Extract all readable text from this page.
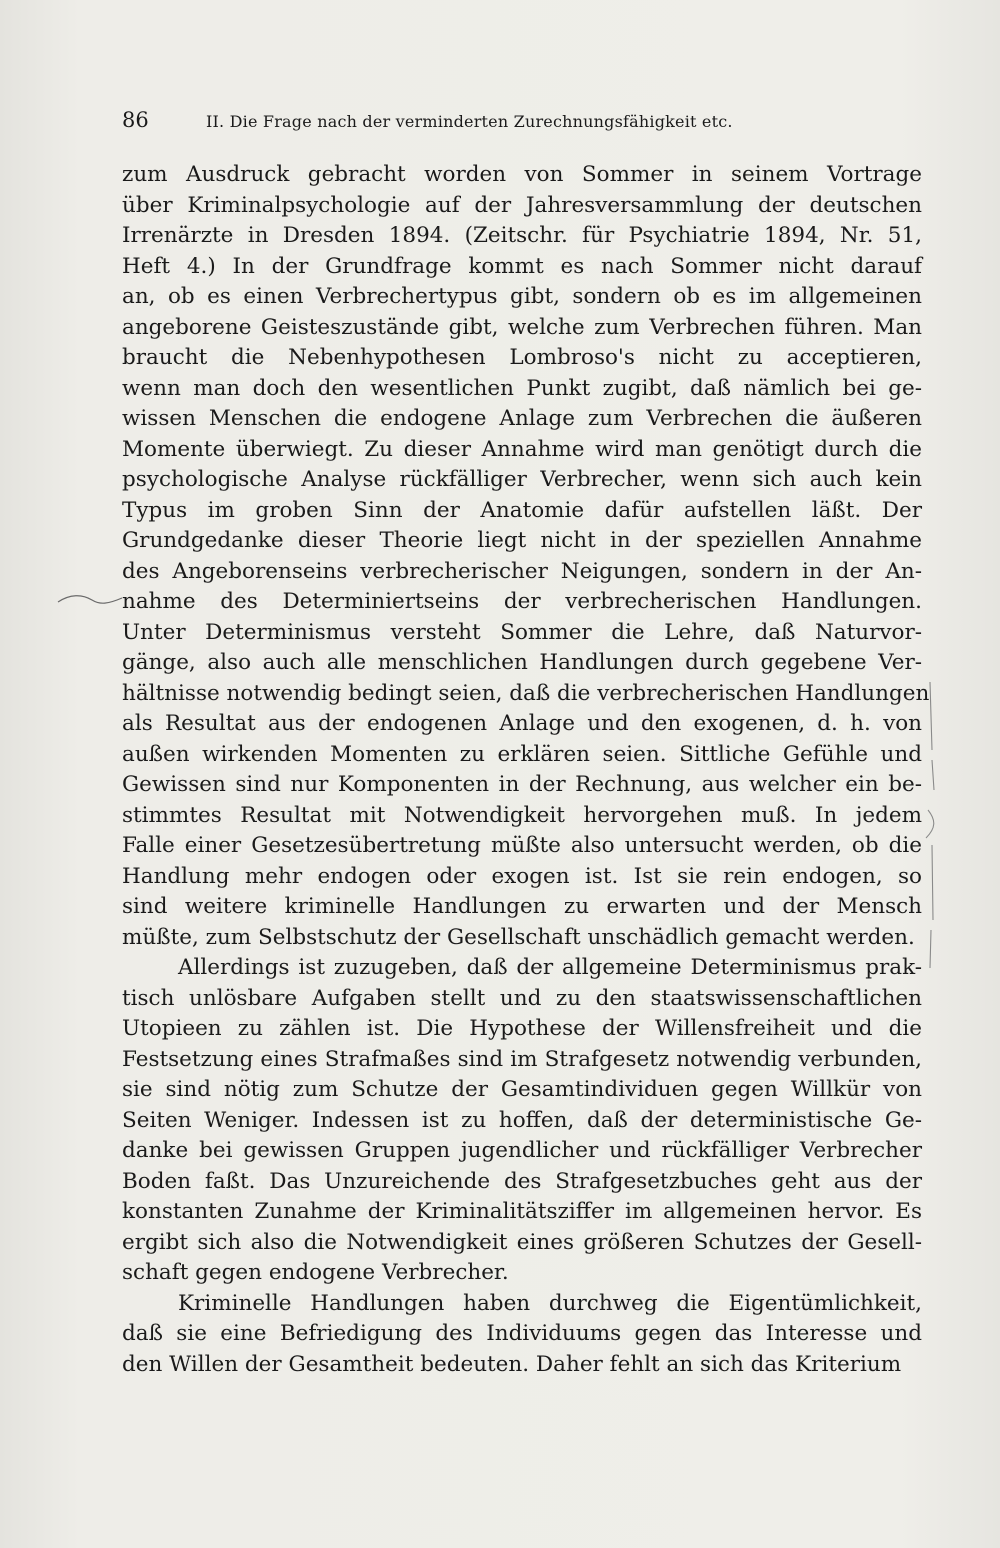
86	II. Die Frage nach der verminderten Zurechnungsfähigkeit etc.
zum Ausdruck gebracht worden von Sommer in seinem Vortrage
über Kriminalpsychologie auf der Jahresversammlung der deutschen
Irrenärzte in Dresden 1894. (Zeitschr. für Psychiatrie 1894, Nr. 51,
Heft 4.) In der Grundfrage kommt es nach Sommer nicht darauf
an, ob es einen Verbrechertypus gibt, sondern ob es im allgemeinen
angeborene Geisteszustände gibt, welche zum Verbrechen führen. Man
braucht die Nebenhypothesen Lombroso's nicht zu acceptieren,
wenn man doch den wesentlichen Punkt zugibt, daß nämlich bei ge-
wissen Menschen die endogene Anlage zum Verbrechen die äußeren
Momente überwiegt. Zu dieser Annahme wird man genötigt durch die
psychologische Analyse rückfälliger Verbrecher, wenn sich auch kein
Typus im groben Sinn der Anatomie dafür aufstellen läßt. Der
Grundgedanke dieser Theorie liegt nicht in der speziellen Annahme
des Angeborenseins verbrecherischer Neigungen, sondern in der An-
nahme des Determiniertseins der verbrecherischen Handlungen.
Unter Determinismus versteht Sommer die Lehre, daß Naturvor-
gänge, also auch alle menschlichen Handlungen durch gegebene Ver-
hältnisse notwendig bedingt seien, daß die verbrecherischen Handlungen
als Resultat aus der endogenen Anlage und den exogenen, d. h. von
außen wirkenden Momenten zu erklären seien. Sittliche Gefühle und
Gewissen sind nur Komponenten in der Rechnung, aus welcher ein be-
stimmtes Resultat mit Notwendigkeit hervorgehen muß. In jedem
Falle einer Gesetzesübertretung müßte also untersucht werden, ob die
Handlung mehr endogen oder exogen ist. Ist sie rein endogen, so
sind weitere kriminelle Handlungen zu erwarten und der Mensch
müßte, zum Selbstschutz der Gesellschaft unschädlich gemacht werden.
Allerdings ist zuzugeben, daß der allgemeine Determinismus prak-
tisch unlösbare Aufgaben stellt und zu den staatswissenschaftlichen
Utopieen zu zählen ist. Die Hypothese der Willensfreiheit und die
Festsetzung eines Strafmaßes sind im Strafgesetz notwendig verbunden,
sie sind nötig zum Schutze der Gesamtindividuen gegen Willkür von
Seiten Weniger. Indessen ist zu hoffen, daß der deterministische Ge-
danke bei gewissen Gruppen jugendlicher und rückfälliger Verbrecher
Boden faßt. Das Unzureichende des Strafgesetzbuches geht aus der
konstanten Zunahme der Kriminalitätsziffer im allgemeinen hervor. Es
ergibt sich also die Notwendigkeit eines größeren Schutzes der Gesell-
schaft gegen endogene Verbrecher.
Kriminelle Handlungen haben durchweg die Eigentümlichkeit,
daß sie eine Befriedigung des Individuums gegen das Interesse und
den Willen der Gesamtheit bedeuten. Daher fehlt an sich das Kriterium
